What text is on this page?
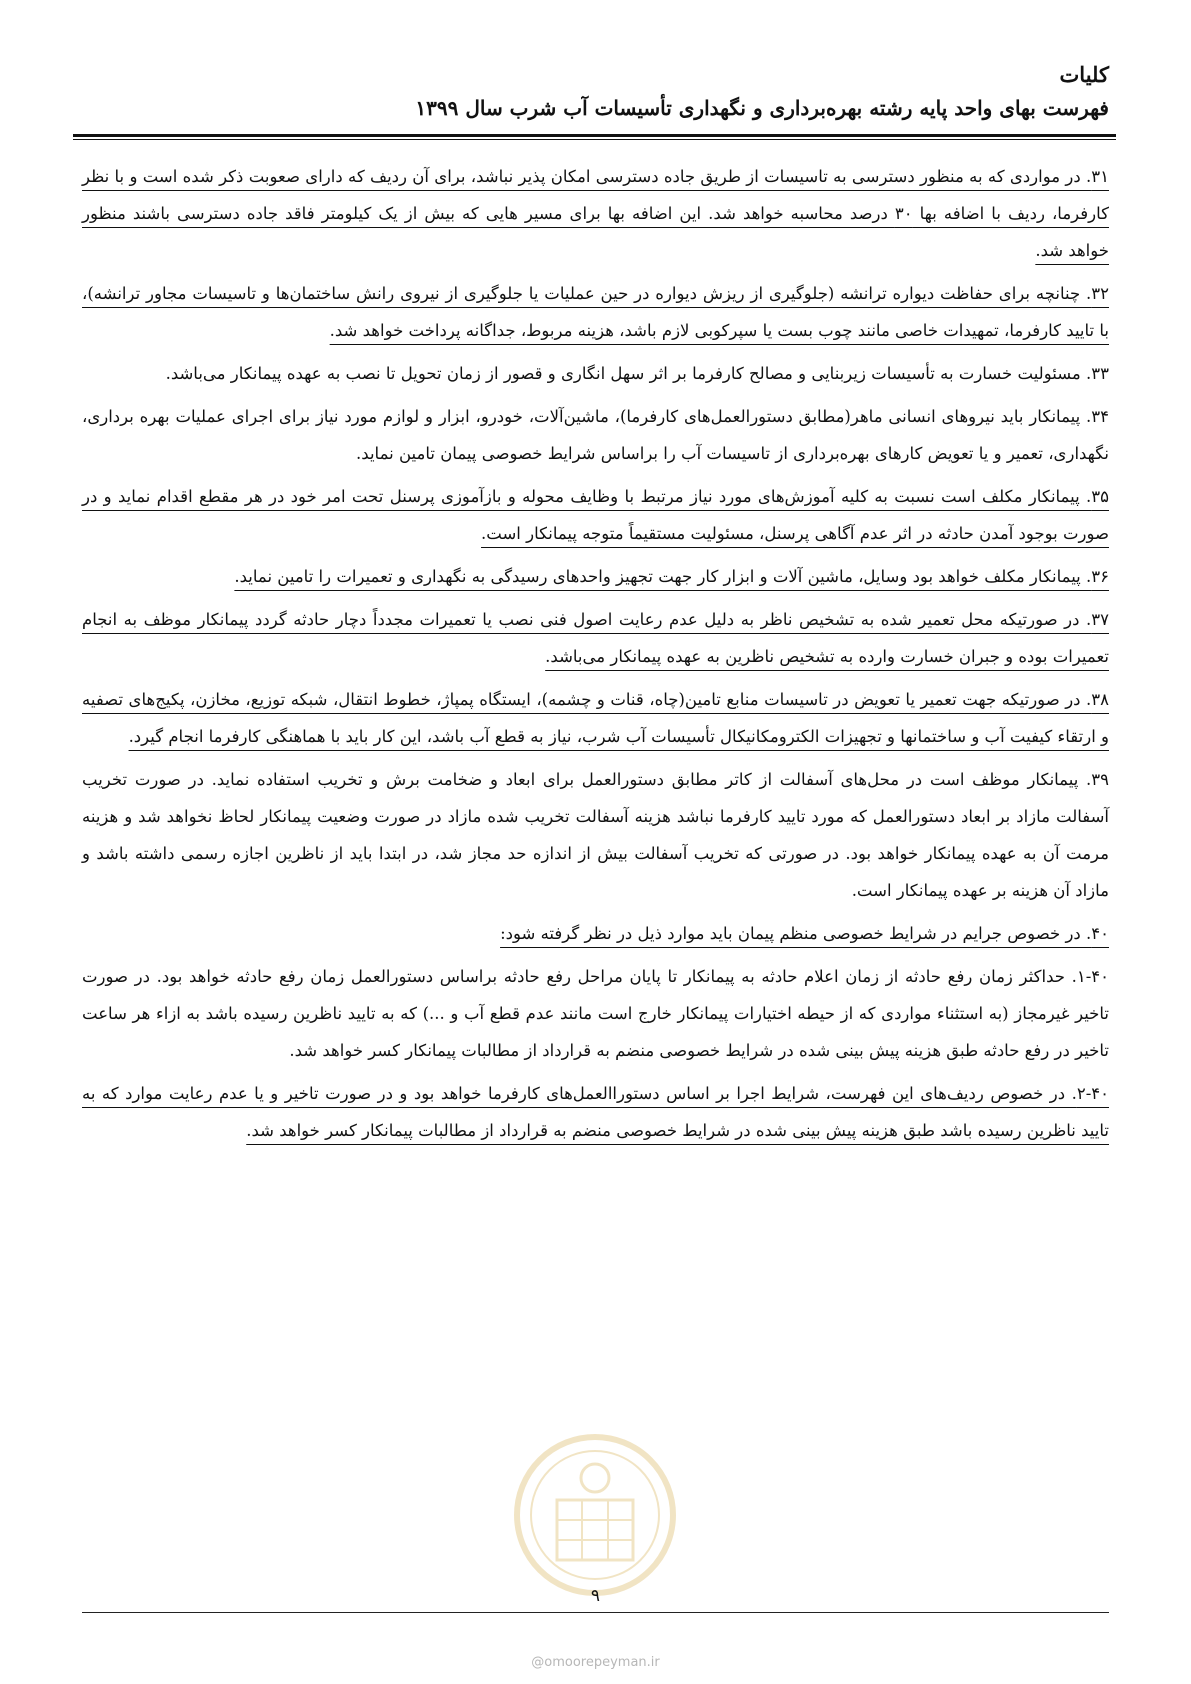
کلیات
فهرست بهای واحد پایه رشته بهره‌برداری و نگهداری تأسیسات آب شرب سال ۱۳۹۹

۳۱. در مواردی که به منظور دسترسی به تاسیسات از طریق جاده دسترسی امکان پذیر نباشد، برای آن ردیف که دارای صعوبت ذکر شده است و با نظر کارفرما، ردیف با اضافه بها ۳۰ درصد محاسبه خواهد شد. این اضافه بها برای مسیر هایی که بیش از یک کیلومتر فاقد جاده دسترسی باشند منظور خواهد شد.

۳۲. چنانچه برای حفاظت دیواره ترانشه (جلوگیری از ریزش دیواره در حین عملیات یا جلوگیری از نیروی رانش ساختمان‌ها و تاسیسات مجاور ترانشه)، با تایید کارفرما، تمهیدات خاصی مانند چوب بست یا سپرکوبی لازم باشد، هزینه مربوط، جداگانه پرداخت خواهد شد.

۳۳. مسئولیت خسارت به تأسیسات زیربنایی و مصالح کارفرما بر اثر سهل انگاری و قصور از زمان تحویل تا نصب به عهده پیمانکار می‌باشد.

۳۴. پیمانکار باید نیروهای انسانی ماهر(مطابق دستورالعمل‌های کارفرما)، ماشین‌آلات، خودرو، ابزار و لوازم مورد نیاز برای اجرای عملیات بهره برداری، نگهداری، تعمیر و یا تعویض کارهای بهره‌برداری از تاسیسات آب را براساس شرایط خصوصی پیمان تامین نماید.

۳۵. پیمانکار مکلف است نسبت به کلیه آموزش‌های مورد نیاز مرتبط با وظایف محوله و بازآموزی پرسنل تحت امر خود در هر مقطع اقدام نماید و در صورت بوجود آمدن حادثه در اثر عدم آگاهی پرسنل، مسئولیت مستقیماً متوجه پیمانکار است.

۳۶. پیمانکار مکلف خواهد بود وسایل، ماشین آلات و ابزار کار جهت تجهیز واحدهای رسیدگی به نگهداری و تعمیرات را تامین نماید.

۳۷. در صورتیکه محل تعمیر شده به تشخیص ناظر به دلیل عدم رعایت اصول فنی نصب یا تعمیرات مجدداً دچار حادثه گردد پیمانکار موظف به انجام تعمیرات بوده و جبران خسارت وارده به تشخیص ناظرین به عهده پیمانکار می‌باشد.

۳۸. در صورتیکه جهت تعمیر یا تعویض در تاسیسات منابع تامین(چاه، قنات و چشمه)، ایستگاه پمپاژ، خطوط انتقال، شبکه توزیع، مخازن، پکیج‌های تصفیه و ارتقاء کیفیت آب و ساختمانها و تجهیزات الکترومکانیکال تأسیسات آب شرب، نیاز به قطع آب باشد، این کار باید با هماهنگی کارفرما انجام گیرد.

۳۹. پیمانکار موظف است در محل‌های آسفالت از کاتر مطابق دستورالعمل برای ابعاد و ضخامت برش و تخریب استفاده نماید. در صورت تخریب آسفالت مازاد بر ابعاد دستورالعمل که مورد تایید کارفرما نباشد هزینه آسفالت تخریب شده مازاد در صورت وضعیت پیمانکار لحاظ نخواهد شد و هزینه مرمت آن به عهده پیمانکار خواهد بود. در صورتی که تخریب آسفالت بیش از اندازه حد مجاز شد، در ابتدا باید از ناظرین اجازه رسمی داشته باشد و مازاد آن هزینه بر عهده پیمانکار است.

۴۰. در خصوص جرایم در شرایط خصوصی منظم پیمان باید موارد ذیل در نظر گرفته شود:

۱-۴۰. حداکثر زمان رفع حادثه از زمان اعلام حادثه به پیمانکار تا پایان مراحل رفع حادثه براساس دستورالعمل زمان رفع حادثه خواهد بود. در صورت تاخیر غیرمجاز (به استثناء مواردی که از حیطه اختیارات پیمانکار خارج است مانند عدم قطع آب و ...) که به تایید ناظرین رسیده باشد به ازاء هر ساعت تاخیر در رفع حادثه طبق هزینه پیش بینی شده در شرایط خصوصی منضم به قرارداد از مطالبات پیمانکار کسر خواهد شد.

۲-۴۰. در خصوص ردیف‌های این فهرست، شرایط اجرا بر اساس دستوراالعمل‌های کارفرما خواهد بود و در صورت تاخیر و یا عدم رعایت موارد که به تایید ناظرین رسیده باشد طبق هزینه پیش بینی شده در شرایط خصوصی منضم به قرارداد از مطالبات پیمانکار کسر خواهد شد.

۹
@omoorepeyman.ir
